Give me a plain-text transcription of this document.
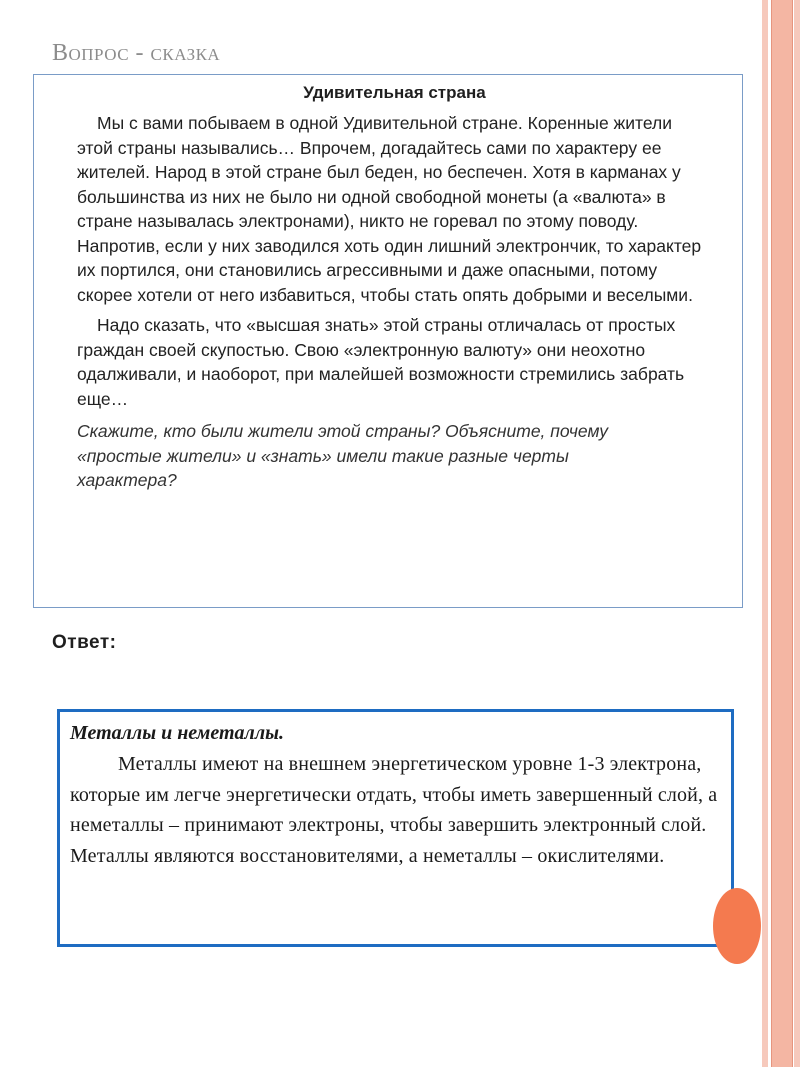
Вопрос - сказка

Удивительная страна

Мы с вами побываем в одной Удивительной стране. Коренные жители этой страны назывались… Впрочем, догадайтесь сами по характеру ее жителей. Народ в этой стране был беден, но беспечен. Хотя в карманах у большинства из них не было ни одной свободной монеты (а «валюта» в стране называлась электронами), никто не горевал по этому поводу. Напротив, если у них заводился хоть один лишний электрончик, то характер их портился, они становились агрессивными и даже опасными, потому скорее хотели от него избавиться, чтобы стать опять добрыми и веселыми.

Надо сказать, что «высшая знать» этой страны отличалась от простых граждан своей скупостью. Свою «электронную валюту» они неохотно одалживали, и наоборот, при малейшей возможности стремились забрать еще…

Скажите, кто были жители этой страны? Объясните, почему
«простые жители» и «знать» имели такие разные черты
характера?

Ответ:

Металлы и неметаллы.

Металлы имеют на внешнем энергетическом уровне 1-3 электрона, которые им легче энергетически отдать, чтобы иметь завершенный слой, а неметаллы – принимают электроны, чтобы завершить электронный слой. Металлы являются восстановителями, а неметаллы – окислителями.
